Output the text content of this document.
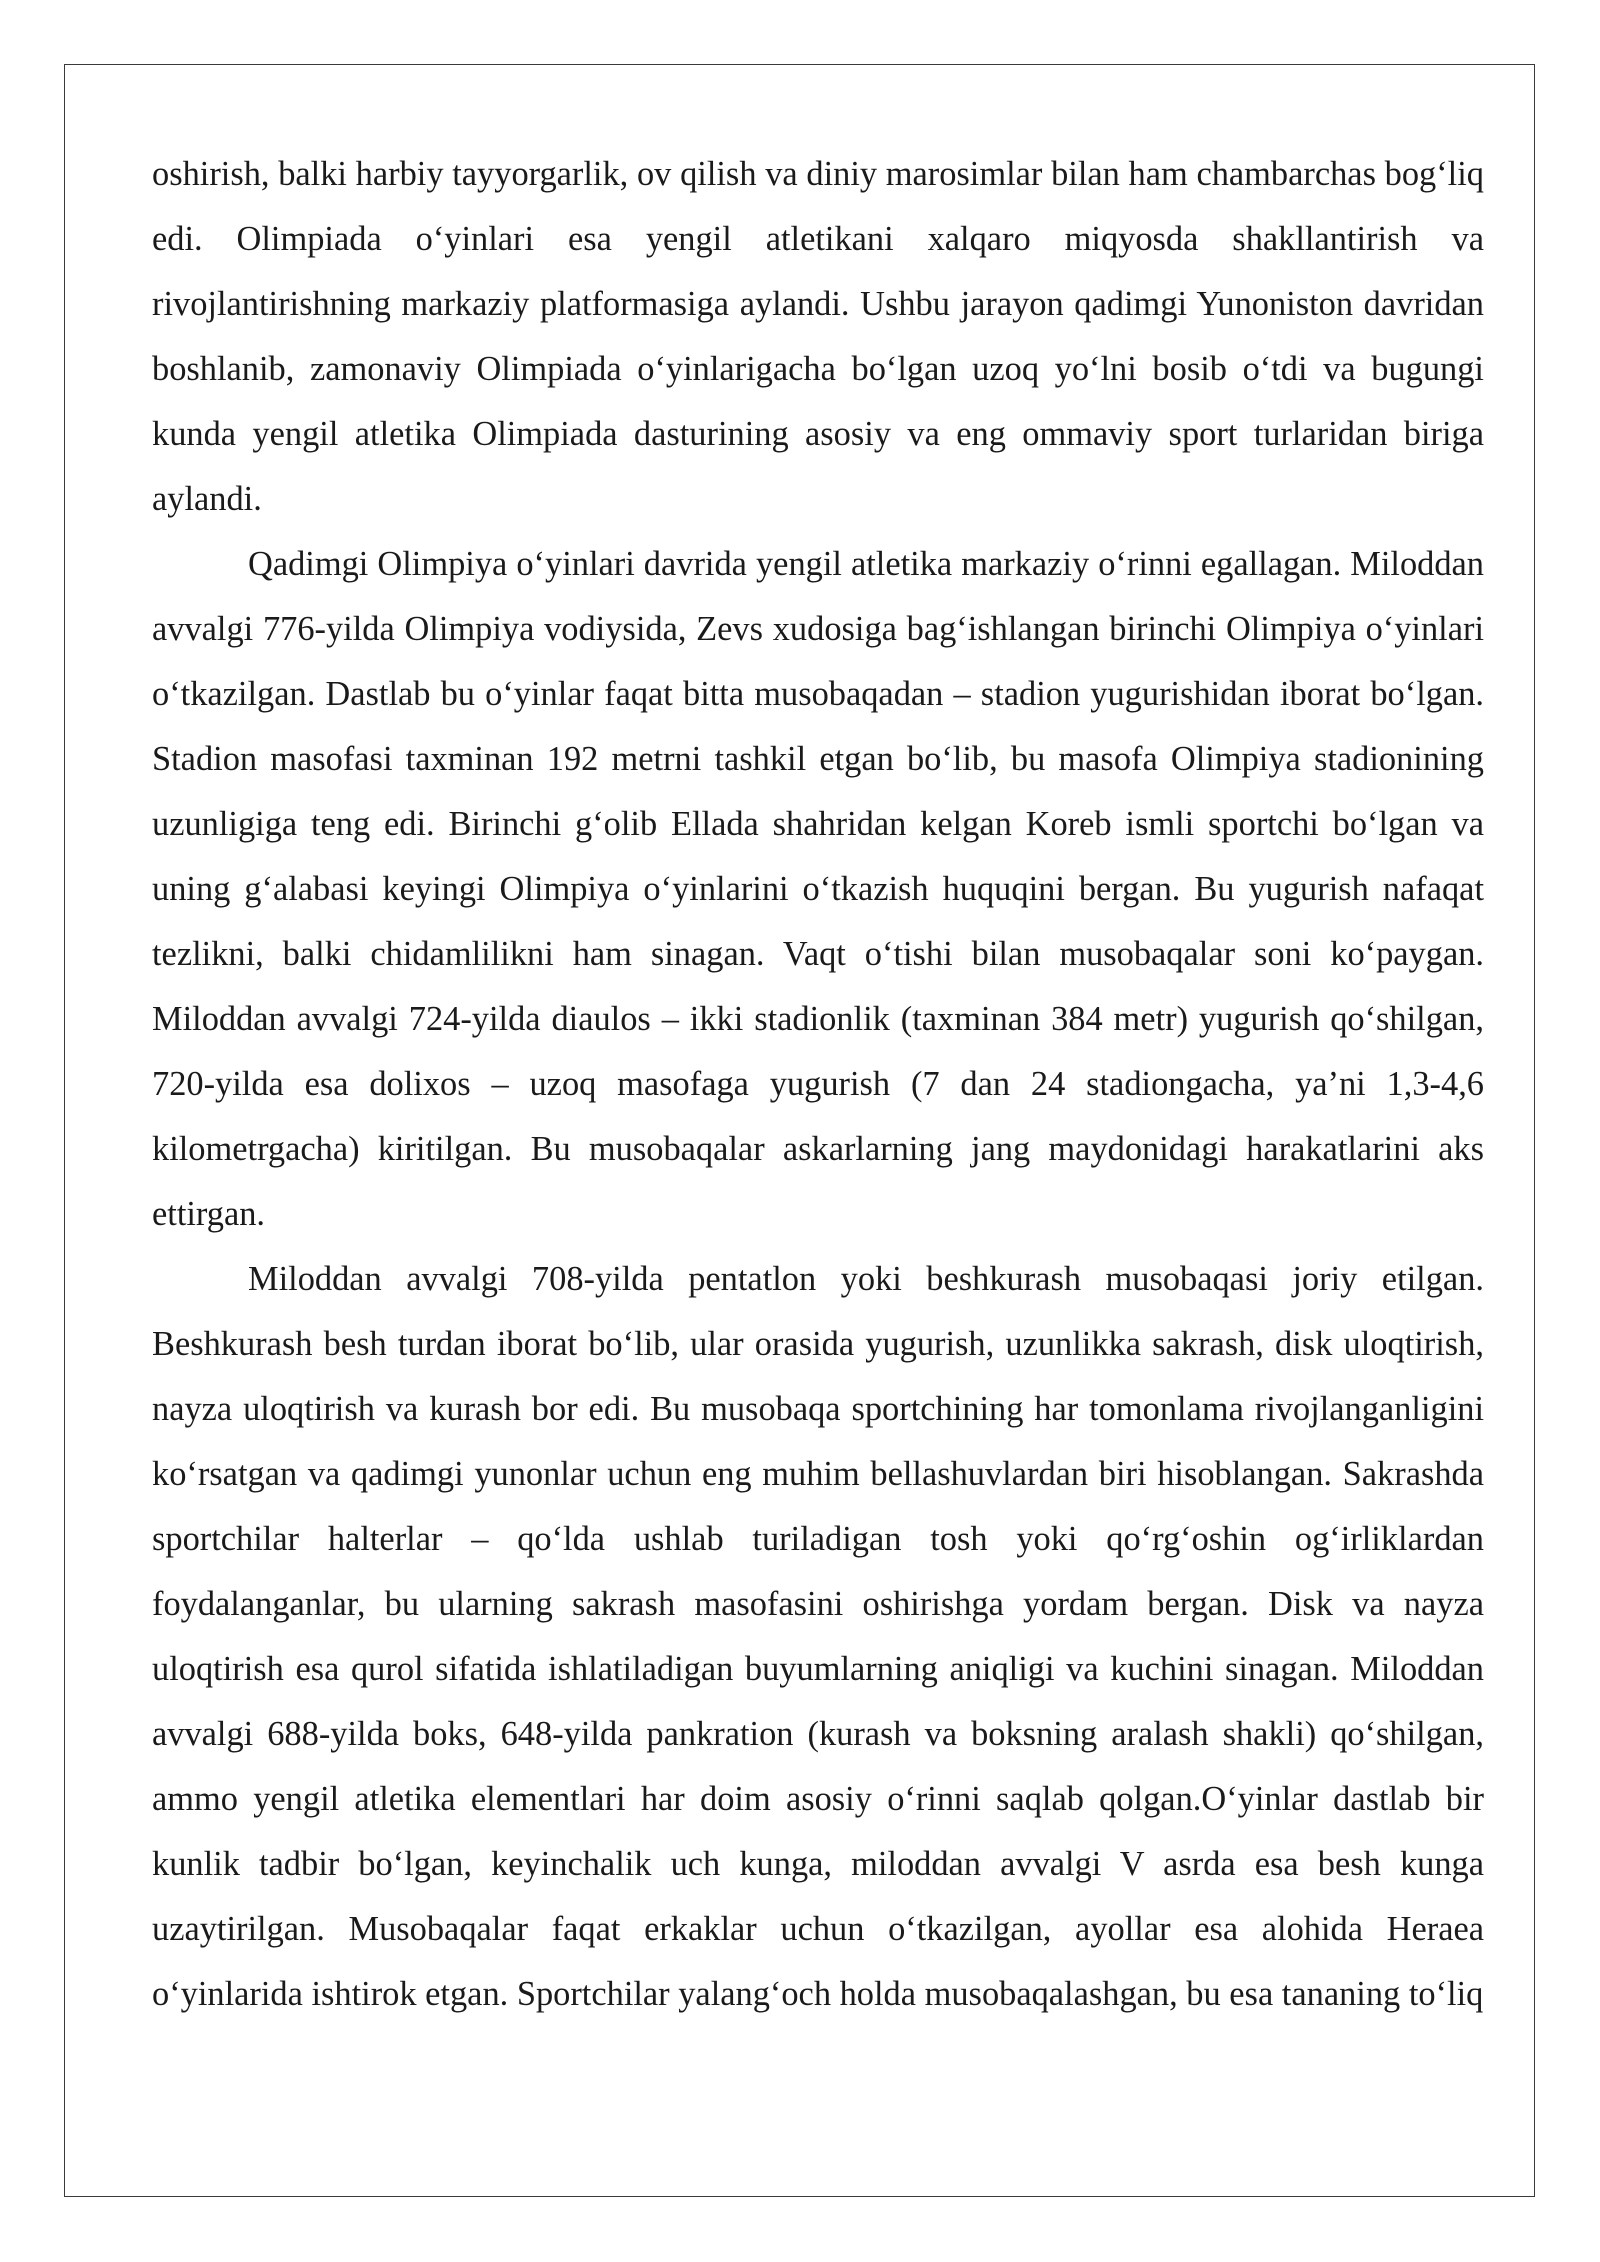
oshirish, balki harbiy tayyorgarlik, ov qilish va diniy marosimlar bilan ham chambarchas bog‘liq edi. Olimpiada o‘yinlari esa yengil atletikani xalqaro miqyosda shakllantirish va rivojlantirishning markaziy platformasiga aylandi. Ushbu jarayon qadimgi Yunoniston davridan boshlanib, zamonaviy Olimpiada o‘yinlarigacha bo‘lgan uzoq yo‘lni bosib o‘tdi va bugungi kunda yengil atletika Olimpiada dasturining asosiy va eng ommaviy sport turlaridan biriga aylandi.

Qadimgi Olimpiya o‘yinlari davrida yengil atletika markaziy o‘rinni egallagan. Miloddan avvalgi 776-yilda Olimpiya vodiysida, Zevs xudosiga bag‘ishlangan birinchi Olimpiya o‘yinlari o‘tkazilgan. Dastlab bu o‘yinlar faqat bitta musobaqadan – stadion yugurishidan iborat bo‘lgan. Stadion masofasi taxminan 192 metrni tashkil etgan bo‘lib, bu masofa Olimpiya stadionining uzunligiga teng edi. Birinchi g‘olib Ellada shahridan kelgan Koreb ismli sportchi bo‘lgan va uning g‘alabasi keyingi Olimpiya o‘yinlarini o‘tkazish huquqini bergan. Bu yugurish nafaqat tezlikni, balki chidamlilikni ham sinagan. Vaqt o‘tishi bilan musobaqalar soni ko‘paygan. Miloddan avvalgi 724-yilda diaulos – ikki stadionlik (taxminan 384 metr) yugurish qo‘shilgan, 720-yilda esa dolixos – uzoq masofaga yugurish (7 dan 24 stadiongacha, ya’ni 1,3-4,6 kilometrgacha) kiritilgan. Bu musobaqalar askarlarning jang maydonidagi harakatlarini aks ettirgan.

Miloddan avvalgi 708-yilda pentatlon yoki beshkurash musobaqasi joriy etilgan. Beshkurash besh turdan iborat bo‘lib, ular orasida yugurish, uzunlikka sakrash, disk uloqtirish, nayza uloqtirish va kurash bor edi. Bu musobaqa sportchining har tomonlama rivojlanganligini ko‘rsatgan va qadimgi yunonlar uchun eng muhim bellashuvlardan biri hisoblangan. Sakrashda sportchilar halterlar – qo‘lda ushlab turiladigan tosh yoki qo‘rg‘oshin og‘irliklardan foydalanganlar, bu ularning sakrash masofasini oshirishga yordam bergan. Disk va nayza uloqtirish esa qurol sifatida ishlatiladigan buyumlarning aniqligi va kuchini sinagan. Miloddan avvalgi 688-yilda boks, 648-yilda pankration (kurash va boksning aralash shakli) qo‘shilgan, ammo yengil atletika elementlari har doim asosiy o‘rinni saqlab qolgan.O‘yinlar dastlab bir kunlik tadbir bo‘lgan, keyinchalik uch kunga, miloddan avvalgi V asrda esa besh kunga uzaytirilgan. Musobaqalar faqat erkaklar uchun o‘tkazilgan, ayollar esa alohida Heraea o‘yinlarida ishtirok etgan. Sportchilar yalang‘och holda musobaqalashgan, bu esa tananing to‘liq
